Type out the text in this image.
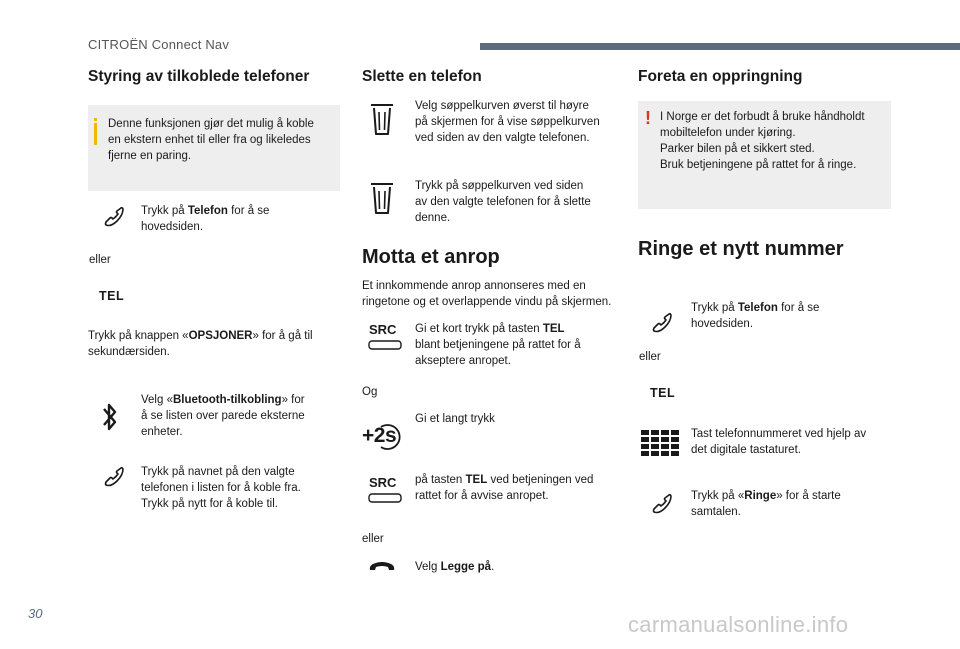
CITROËN Connect Nav
Styring av tilkoblede telefoner
Denne funksjonen gjør det mulig å koble
en ekstern enhet til eller fra og likeledes
fjerne en paring.
Trykk på Telefon for å se
hovedsiden.
eller
TEL
Trykk på knappen «OPSJONER» for å gå til
sekundærsiden.
Velg «Bluetooth-tilkobling» for
å se listen over parede eksterne
enheter.
Trykk på navnet på den valgte
telefonen i listen for å koble fra.
Trykk på nytt for å koble til.
Slette en telefon
Velg søppelkurven øverst til høyre
på skjermen for å vise søppelkurven
ved siden av den valgte telefonen.
Trykk på søppelkurven ved siden
av den valgte telefonen for å slette
denne.
Motta et anrop
Et innkommende anrop annonseres med en
ringetone og et overlappende vindu på skjermen.
SRC Gi et kort trykk på tasten TEL
blant betjeningene på rattet for å
akseptere anropet.
Og
Gi et langt trykk
+2s
SRC på tasten TEL ved betjeningen ved
rattet for å avvise anropet.
eller
Velg Legge på.
Foreta en oppringning
! I Norge er det forbudt å bruke håndholdt
mobiltelefon under kjøring.
Parker bilen på et sikkert sted.
Bruk betjeningene på rattet for å ringe.
Ringe et nytt nummer
Trykk på Telefon for å se
hovedsiden.
eller
TEL
Tast telefonnummeret ved hjelp av
det digitale tastaturet.
Trykk på «Ringe» for å starte
samtalen.
30	carmanualsonline.info
